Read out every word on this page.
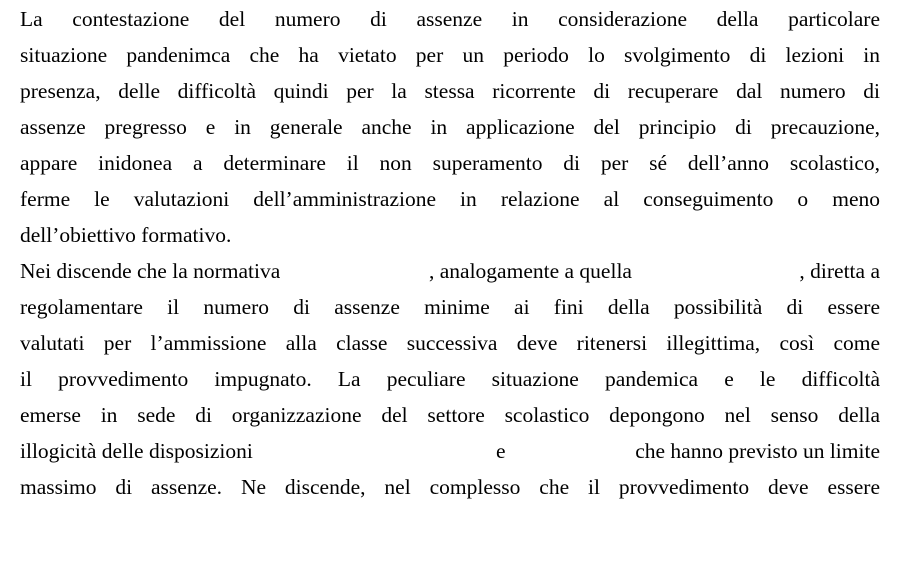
La contestazione del numero di assenze in considerazione della particolare
situazione pandenimca che ha vietato per un periodo lo svolgimento di lezioni in
presenza, delle difficoltà quindi per la stessa ricorrente di recuperare dal numero di
assenze pregresso e in generale anche in applicazione del principio di precauzione,
appare inidonea a determinare il non superamento di per sé dell’anno scolastico,
ferme le valutazioni dell’amministrazione in relazione al conseguimento o meno
dell’obiettivo formativo.
Nei discende che la normativa	, analogamente a quella	, diretta a
regolamentare il numero di assenze minime ai fini della possibilità di essere
valutati per l’ammissione alla classe successiva deve ritenersi illegittima, così come
il provvedimento impugnato. La peculiare situazione pandemica e le difficoltà
emerse in sede di organizzazione del settore scolastico depongono nel senso della
illogicità delle disposizioni	e	che hanno previsto un limite
massimo di assenze. Ne discende, nel complesso che il provvedimento deve essere
